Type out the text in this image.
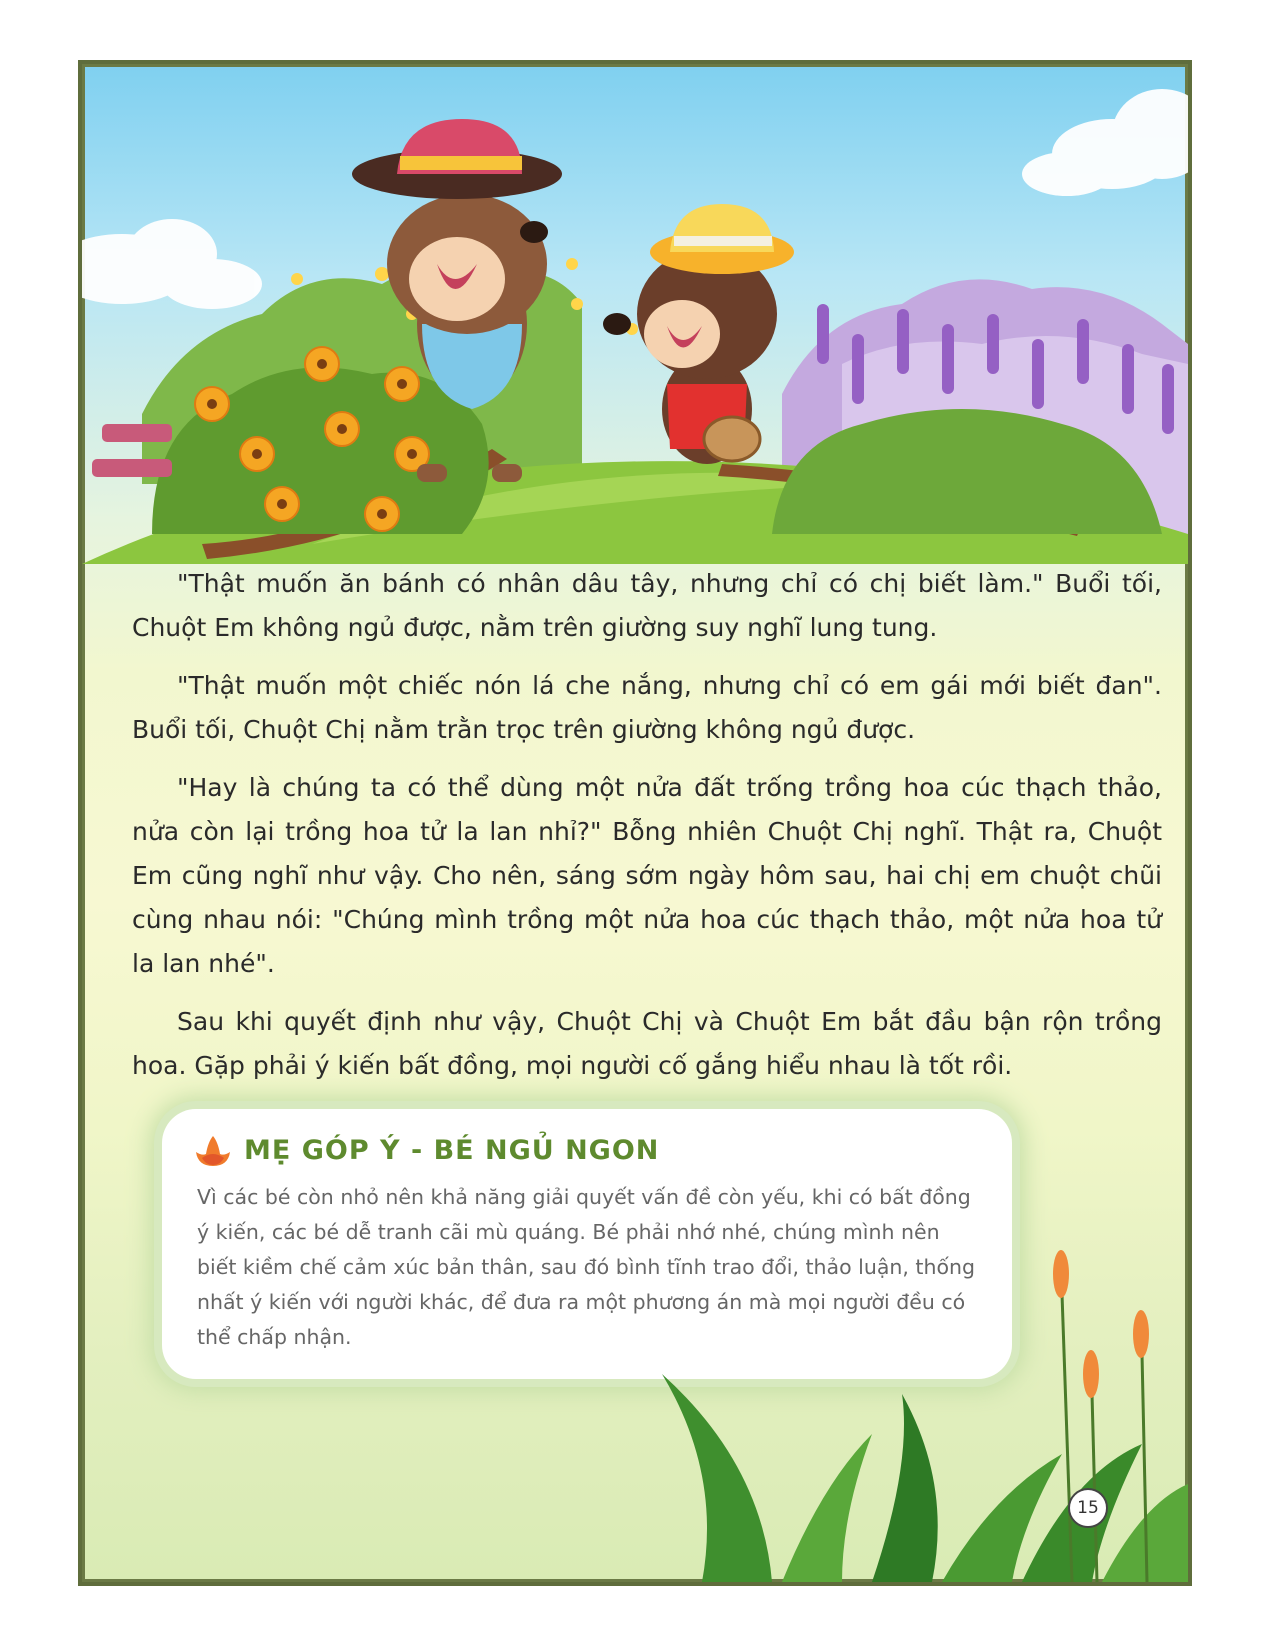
"Thật muốn ăn bánh có nhân dâu tây, nhưng chỉ có chị biết làm." Buổi tối, Chuột Em không ngủ được, nằm trên giường suy nghĩ lung tung.

"Thật muốn một chiếc nón lá che nắng, nhưng chỉ có em gái mới biết đan". Buổi tối, Chuột Chị nằm trằn trọc trên giường không ngủ được.

"Hay là chúng ta có thể dùng một nửa đất trống trồng hoa cúc thạch thảo, nửa còn lại trồng hoa tử la lan nhỉ?" Bỗng nhiên Chuột Chị nghĩ. Thật ra, Chuột Em cũng nghĩ như vậy. Cho nên, sáng sớm ngày hôm sau, hai chị em chuột chũi cùng nhau nói: "Chúng mình trồng một nửa hoa cúc thạch thảo, một nửa hoa tử la lan nhé".

Sau khi quyết định như vậy, Chuột Chị và Chuột Em bắt đầu bận rộn trồng hoa. Gặp phải ý kiến bất đồng, mọi người cố gắng hiểu nhau là tốt rồi.

MẸ GÓP Ý - BÉ NGỦ NGON

Vì các bé còn nhỏ nên khả năng giải quyết vấn đề còn yếu, khi có bất đồng ý kiến, các bé dễ tranh cãi mù quáng. Bé phải nhớ nhé, chúng mình nên biết kiềm chế cảm xúc bản thân, sau đó bình tĩnh trao đổi, thảo luận, thống nhất ý kiến với người khác, để đưa ra một phương án mà mọi người đều có thể chấp nhận.

15
